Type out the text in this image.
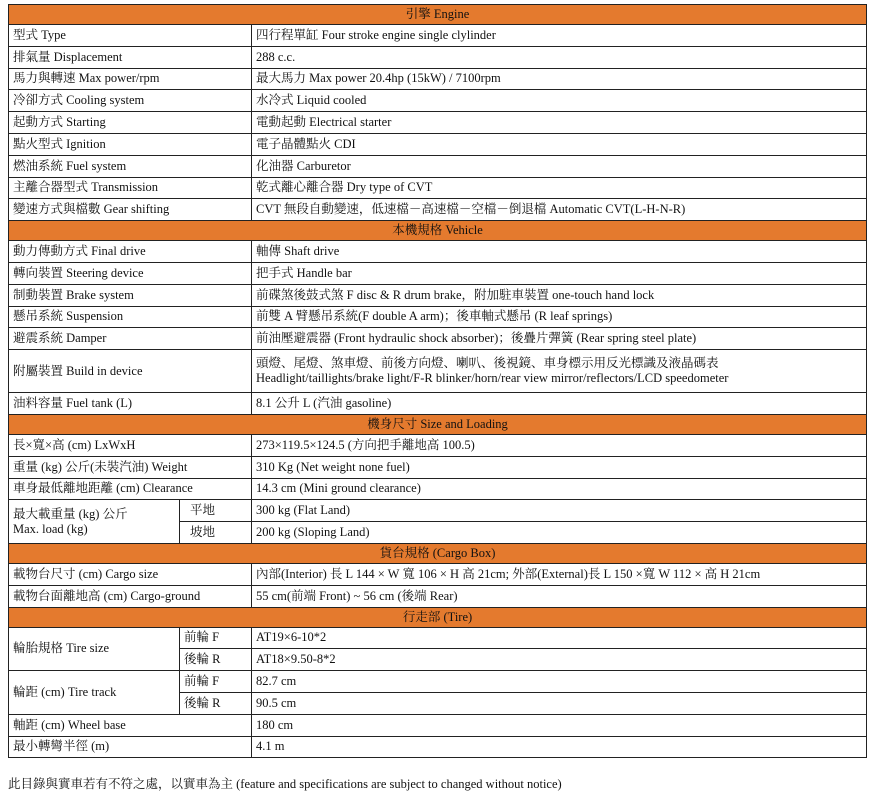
引擎 Engine		
型式 Type		四行程單缸 Four stroke engine single clylinder
排氣量 Displacement		288 c.c.
馬力與轉速 Max power/rpm		最大馬力 Max power 20.4hp (15kW) / 7100rpm
冷卻方式 Cooling system		水冷式 Liquid cooled
起動方式 Starting		電動起動 Electrical starter
點火型式 Ignition		電子晶體點火 CDI
燃油系統 Fuel system		化油器 Carburetor
主離合器型式 Transmission		乾式離心離合器 Dry type of CVT
變速方式與檔數 Gear shifting		CVT 無段自動變速，低速檔－高速檔－空檔－倒退檔 Automatic CVT(L-H-N-R)
本機規格 Vehicle		
動力傳動方式 Final drive		軸傳 Shaft drive
轉向裝置 Steering device		把手式 Handle bar
制動裝置 Brake system		前碟煞後鼓式煞 F disc & R drum brake，附加駐車裝置 one-touch hand lock
懸吊系統 Suspension		前雙 A 臂懸吊系統(F double A arm)；後車軸式懸吊 (R leaf springs)
避震系統 Damper		前油壓避震器 (Front hydraulic shock absorber)；後疊片彈簧 (Rear spring steel plate)
附屬裝置 Build in device		頭燈、尾燈、煞車燈、前後方向燈、喇叭、後視鏡、車身標示用反光標識及液晶碼表
Headlight/taillights/brake light/F-R blinker/horn/rear view mirror/reflectors/LCD speedometer

油料容量 Fuel tank (L)		8.1 公升 L (汽油 gasoline)
機身尺寸 Size and Loading		
長×寬×高 (cm) LxWxH		273×119.5×124.5 (方向把手離地高 100.5)
重量 (kg) 公斤(未裝汽油) Weight		310 Kg (Net weight none fuel)
車身最低離地距離 (cm) Clearance		14.3 cm (Mini ground clearance)

最大載重量 (kg) 公斤
Max. load (kg)	平地	300 kg (Flat Land)
	坡地	200 kg (Sloping Land)
貨台規格 (Cargo Box)		
載物台尺寸 (cm) Cargo size		內部(Interior) 長 L 144 × W 寬 106 × H 高 21cm; 外部(External)長 L 150 ×寬 W 112 × 高 H 21cm
載物台面離地高 (cm) Cargo-ground		55 cm(前端 Front) ~ 56 cm (後端 Rear)
行走部 (Tire)		
輪胎規格 Tire size	前輪 F	AT19×6-10*2
	後輪 R	AT18×9.50-8*2
輪距 (cm) Tire track	前輪 F	82.7 cm
	後輪 R	90.5 cm
軸距 (cm) Wheel base		180 cm
最小轉彎半徑 (m)		4.1 m
此目錄與實車若有不符之處，以實車為主 (feature and specifications are subject to changed without notice)
